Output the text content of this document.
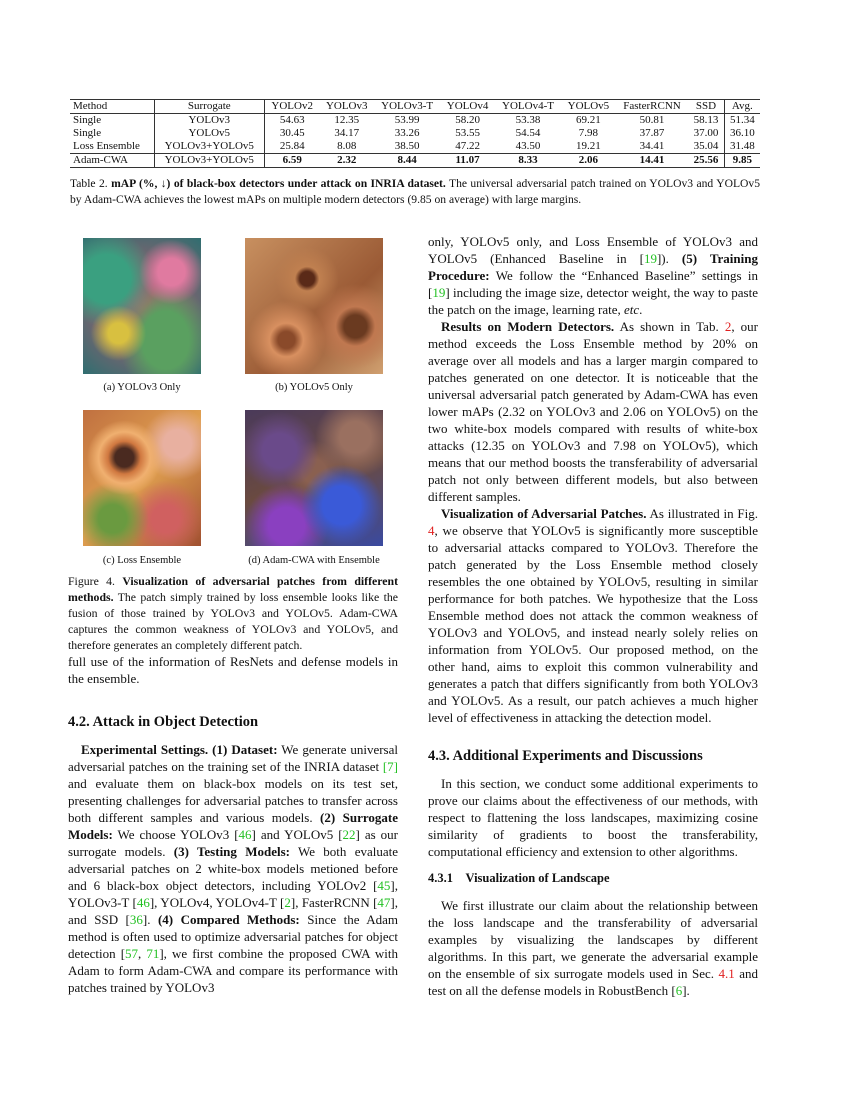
Method	Surrogate	YOLOv2	YOLOv3	YOLOv3-T	YOLOv4	YOLOv4-T	YOLOv5	FasterRCNN	SSD	Avg.
Single	YOLOv3	54.63	12.35	53.99	58.20	53.38	69.21	50.81	58.13	51.34
Single	YOLOv5	30.45	34.17	33.26	53.55	54.54	7.98	37.87	37.00	36.10
Loss Ensemble	YOLOv3+YOLOv5	25.84	8.08	38.50	47.22	43.50	19.21	34.41	35.04	31.48
Adam-CWA	YOLOv3+YOLOv5	6.59	2.32	8.44	11.07	8.33	2.06	14.41	25.56	9.85
Table 2. mAP (%, ↓) of black-box detectors under attack on INRIA dataset. The universal adversarial patch trained on YOLOv3 and YOLOv5 by Adam-CWA achieves the lowest mAPs on multiple modern detectors (9.85 on average) with large margins.
(a) YOLOv3 Only	(b) YOLOv5 Only
(c) Loss Ensemble	(d) Adam-CWA with Ensemble
Figure 4. Visualization of adversarial patches from different methods. The patch simply trained by loss ensemble looks like the fusion of those trained by YOLOv3 and YOLOv5. Adam-CWA captures the common weakness of YOLOv3 and YOLOv5, and therefore generates an completely different patch.

full use of the information of ResNets and defense models in the ensemble.

4.2. Attack in Object Detection

Experimental Settings. (1) Dataset: We generate universal adversarial patches on the training set of the INRIA dataset [7] and evaluate them on black-box models on its test set, presenting challenges for adversarial patches to transfer across both different samples and various models. (2) Surrogate Models: We choose YOLOv3 [46] and YOLOv5 [22] as our surrogate models. (3) Testing Models: We both evaluate adversarial patches on 2 white-box models metioned before and 6 black-box object detectors, including YOLOv2 [45], YOLOv3-T [46], YOLOv4, YOLOv4-T [2], FasterRCNN [47], and SSD [36]. (4) Compared Methods: Since the Adam method is often used to optimize adversarial patches for object detection [57, 71], we first combine the proposed CWA with Adam to form Adam-CWA and compare its performance with patches trained by YOLOv3

only, YOLOv5 only, and Loss Ensemble of YOLOv3 and YOLOv5 (Enhanced Baseline in [19]). (5) Training Procedure: We follow the “Enhanced Baseline” settings in [19] including the image size, detector weight, the way to paste the patch on the image, learning rate, etc.

Results on Modern Detectors. As shown in Tab. 2, our method exceeds the Loss Ensemble method by 20% on average over all models and has a larger margin compared to patches generated on one detector. It is noticeable that the universal adversarial patch generated by Adam-CWA has even lower mAPs (2.32 on YOLOv3 and 2.06 on YOLOv5) on the two white-box models compared with results of white-box attacks (12.35 on YOLOv3 and 7.98 on YOLOv5), which means that our method boosts the transferability of adversarial patch not only between different models, but also between different samples.

Visualization of Adversarial Patches. As illustrated in Fig. 4, we observe that YOLOv5 is significantly more susceptible to adversarial attacks compared to YOLOv3. Therefore the patch generated by the Loss Ensemble method closely resembles the one obtained by YOLOv5, resulting in similar performance for both patches. We hypothesize that the Loss Ensemble method does not attack the common weakness of YOLOv3 and YOLOv5, and instead nearly solely relies on information from YOLOv5. Our proposed method, on the other hand, aims to exploit this common vulnerability and generates a patch that differs significantly from both YOLOv3 and YOLOv5. As a result, our patch achieves a much higher level of effectiveness in attacking the detection model.

4.3. Additional Experiments and Discussions

In this section, we conduct some additional experiments to prove our claims about the effectiveness of our methods, with respect to flattening the loss landscapes, maximizing cosine similarity of gradients to boost the transferability, computational efficiency and extension to other algorithms.

4.3.1 Visualization of Landscape

We first illustrate our claim about the relationship between the loss landscape and the transferability of adversarial examples by visualizing the landscapes by different algorithms. In this part, we generate the adversarial example on the ensemble of six surrogate models used in Sec. 4.1 and test on all the defense models in RobustBench [6].
